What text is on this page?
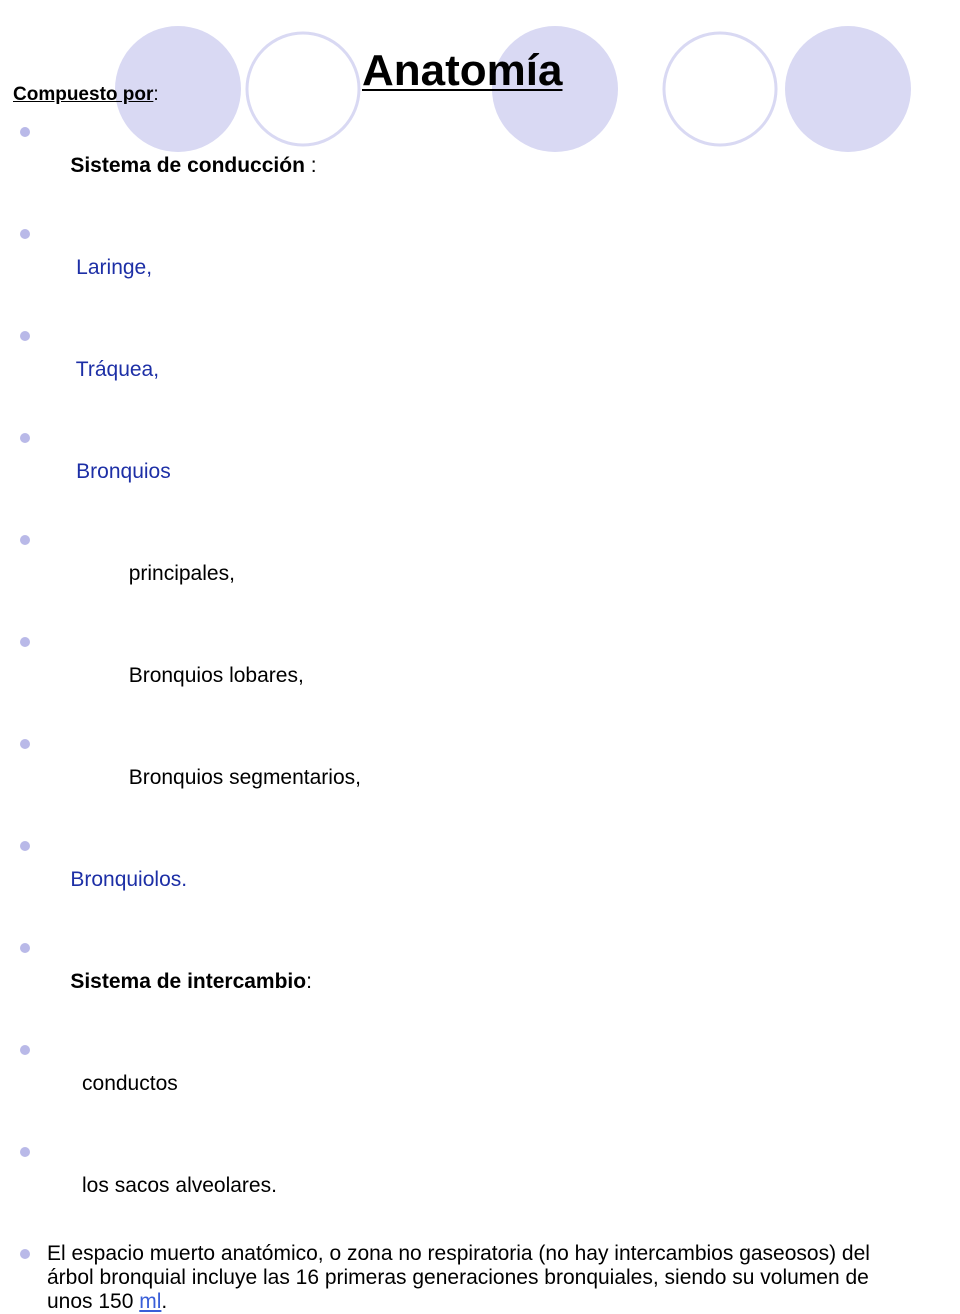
Anatomía
Compuesto por:

Sistema de conducción :

Laringe,

Tráquea,

Bronquios

principales,

Bronquios lobares,

Bronquios segmentarios,

Bronquiolos.

Sistema de intercambio:

conductos

los sacos alveolares.

El espacio muerto anatómico, o zona no respiratoria (no hay intercambios gaseosos) del árbol bronquial incluye las 16 primeras generaciones bronquiales, siendo su volumen de unos 150 ml.
